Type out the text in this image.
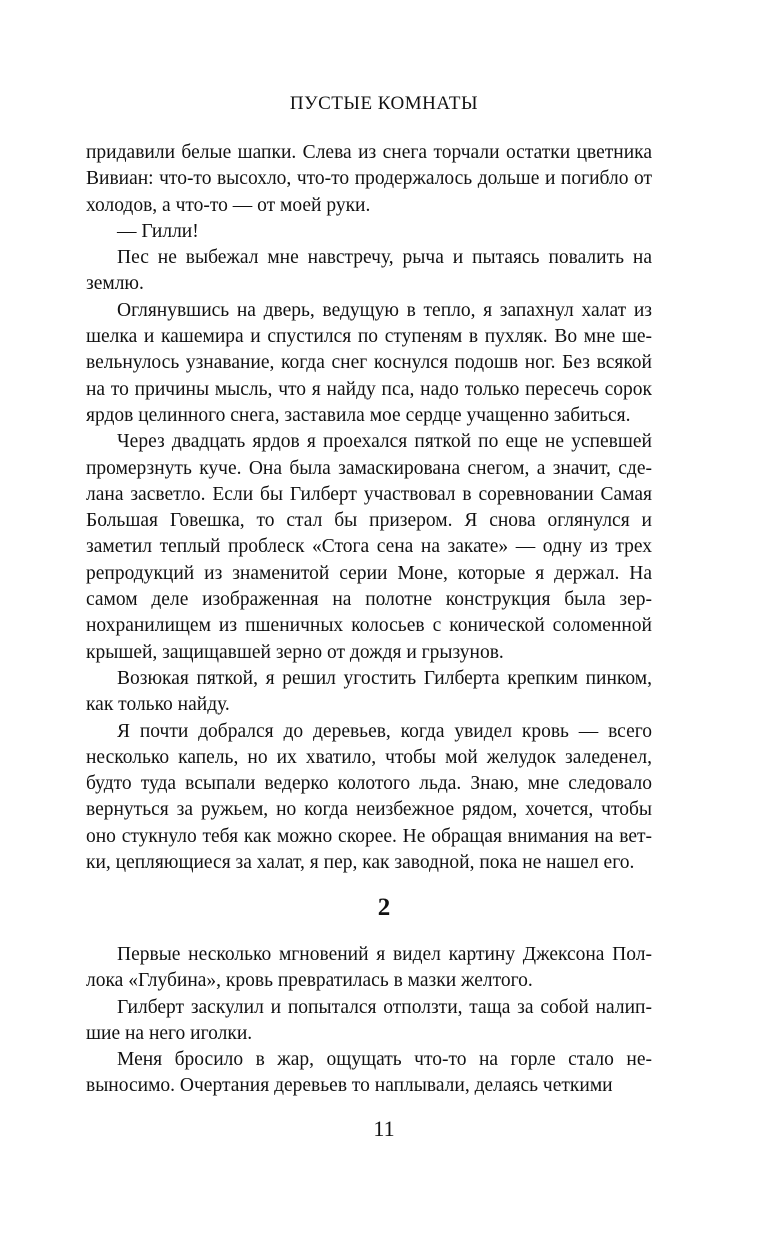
ПУСТЫЕ КОМНАТЫ

придавили белые шапки. Слева из снега торчали остатки цветника Вивиан: что-то высохло, что-то продержалось дольше и погибло от холодов, а что-то — от моей руки.

— Гилли!

Пес не выбежал мне навстречу, рыча и пытаясь повалить на землю.

Оглянувшись на дверь, ведущую в тепло, я запахнул халат из шелка и кашемира и спустился по ступеням в пухляк. Во мне шевельнулось узнавание, когда снег коснулся подошв ног. Без всякой на то причины мысль, что я найду пса, надо только пересечь сорок ярдов целинного снега, заставила мое сердце учащенно забиться.

Через двадцать ярдов я проехался пяткой по еще не успевшей промерзнуть куче. Она была замаскирована снегом, а значит, сделана засветло. Если бы Гилберт участвовал в соревновании Самая Большая Говешка, то стал бы призером. Я снова оглянулся и заметил теплый проблеск «Стога сена на закате» — одну из трех репродукций из знаменитой серии Моне, которые я держал. На самом деле изображенная на полотне конструкция была зернохранилищем из пшеничных колосьев с конической соломенной крышей, защищавшей зерно от дождя и грызунов.

Возюкая пяткой, я решил угостить Гилберта крепким пинком, как только найду.

Я почти добрался до деревьев, когда увидел кровь — всего несколько капель, но их хватило, чтобы мой желудок заледенел, будто туда всыпали ведерко колотого льда. Знаю, мне следовало вернуться за ружьем, но когда неизбежное рядом, хочется, чтобы оно стукнуло тебя как можно скорее. Не обращая внимания на ветки, цепляющиеся за халат, я пер, как заводной, пока не нашел его.

2

Первые несколько мгновений я видел картину Джексона Поллока «Глубина», кровь превратилась в мазки желтого.

Гилберт заскулил и попытался отползти, таща за собой налипшие на него иголки.

Меня бросило в жар, ощущать что-то на горле стало невыносимо. Очертания деревьев то наплывали, делаясь четкими

11
